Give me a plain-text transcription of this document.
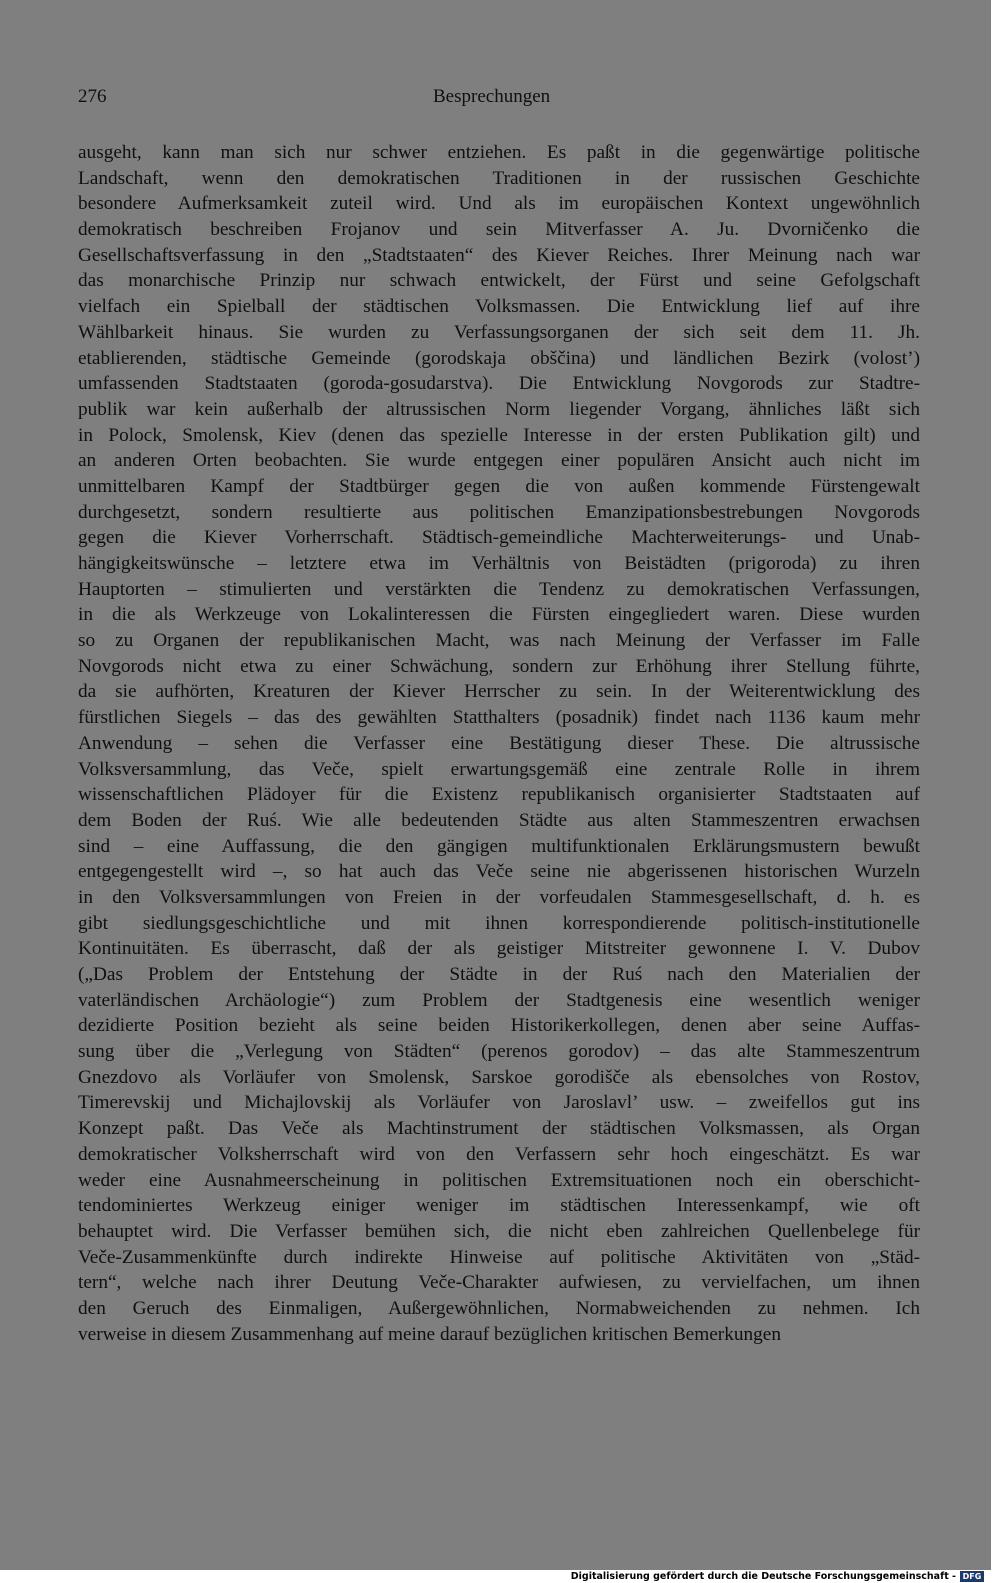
276	Besprechungen
ausgeht, kann man sich nur schwer entziehen. Es paßt in die gegenwärtige politische
Landschaft, wenn den demokratischen Traditionen in der russischen Geschichte
besondere Aufmerksamkeit zuteil wird. Und als im europäischen Kontext ungewöhnlich
demokratisch beschreiben Frojanov und sein Mitverfasser A. Ju. Dvorničenko die
Gesellschaftsverfassung in den „Stadtstaaten“ des Kiever Reiches. Ihrer Meinung nach war
das monarchische Prinzip nur schwach entwickelt, der Fürst und seine Gefolgschaft
vielfach ein Spielball der städtischen Volksmassen. Die Entwicklung lief auf ihre
Wählbarkeit hinaus. Sie wurden zu Verfassungsorganen der sich seit dem 11. Jh.
etablierenden, städtische Gemeinde (gorodskaja obščina) und ländlichen Bezirk (volost’)
umfassenden Stadtstaaten (goroda-gosudarstva). Die Entwicklung Novgorods zur Stadtre-
publik war kein außerhalb der altrussischen Norm liegender Vorgang, ähnliches läßt sich
in Polock, Smolensk, Kiev (denen das spezielle Interesse in der ersten Publikation gilt) und
an anderen Orten beobachten. Sie wurde entgegen einer populären Ansicht auch nicht im
unmittelbaren Kampf der Stadtbürger gegen die von außen kommende Fürstengewalt
durchgesetzt, sondern resultierte aus politischen Emanzipationsbestrebungen Novgorods
gegen die Kiever Vorherrschaft. Städtisch-gemeindliche Machterweiterungs- und Unab-
hängigkeitswünsche – letztere etwa im Verhältnis von Beistädten (prigoroda) zu ihren
Hauptorten – stimulierten und verstärkten die Tendenz zu demokratischen Verfassungen,
in die als Werkzeuge von Lokalinteressen die Fürsten eingegliedert waren. Diese wurden
so zu Organen der republikanischen Macht, was nach Meinung der Verfasser im Falle
Novgorods nicht etwa zu einer Schwächung, sondern zur Erhöhung ihrer Stellung führte,
da sie aufhörten, Kreaturen der Kiever Herrscher zu sein. In der Weiterentwicklung des
fürstlichen Siegels – das des gewählten Statthalters (posadnik) findet nach 1136 kaum mehr
Anwendung – sehen die Verfasser eine Bestätigung dieser These. Die altrussische
Volksversammlung, das Veče, spielt erwartungsgemäß eine zentrale Rolle in ihrem
wissenschaftlichen Plädoyer für die Existenz republikanisch organisierter Stadtstaaten auf
dem Boden der Ruś. Wie alle bedeutenden Städte aus alten Stammeszentren erwachsen
sind – eine Auffassung, die den gängigen multifunktionalen Erklärungsmustern bewußt
entgegengestellt wird –, so hat auch das Veče seine nie abgerissenen historischen Wurzeln
in den Volksversammlungen von Freien in der vorfeudalen Stammesgesellschaft, d. h. es
gibt siedlungsgeschichtliche und mit ihnen korrespondierende politisch-institutionelle
Kontinuitäten. Es überrascht, daß der als geistiger Mitstreiter gewonnene I. V. Dubov
(„Das Problem der Entstehung der Städte in der Ruś nach den Materialien der
vaterländischen Archäologie“) zum Problem der Stadtgenesis eine wesentlich weniger
dezidierte Position bezieht als seine beiden Historikerkollegen, denen aber seine Auffas-
sung über die „Verlegung von Städten“ (perenos gorodov) – das alte Stammeszentrum
Gnezdovo als Vorläufer von Smolensk, Sarskoe gorodišče als ebensolches von Rostov,
Timerevskij und Michajlovskij als Vorläufer von Jaroslavl’ usw. – zweifellos gut ins
Konzept paßt. Das Veče als Machtinstrument der städtischen Volksmassen, als Organ
demokratischer Volksherrschaft wird von den Verfassern sehr hoch eingeschätzt. Es war
weder eine Ausnahmeerscheinung in politischen Extremsituationen noch ein oberschicht-
tendominiertes Werkzeug einiger weniger im städtischen Interessenkampf, wie oft
behauptet wird. Die Verfasser bemühen sich, die nicht eben zahlreichen Quellenbelege für
Veče-Zusammenkünfte durch indirekte Hinweise auf politische Aktivitäten von „Städ-
tern“, welche nach ihrer Deutung Veče-Charakter aufwiesen, zu vervielfachen, um ihnen
den Geruch des Einmaligen, Außergewöhnlichen, Normabweichenden zu nehmen. Ich
verweise in diesem Zusammenhang auf meine darauf bezüglichen kritischen Bemerkungen
Digitalisierung gefördert durch die Deutsche Forschungsgemeinschaft - DFG
